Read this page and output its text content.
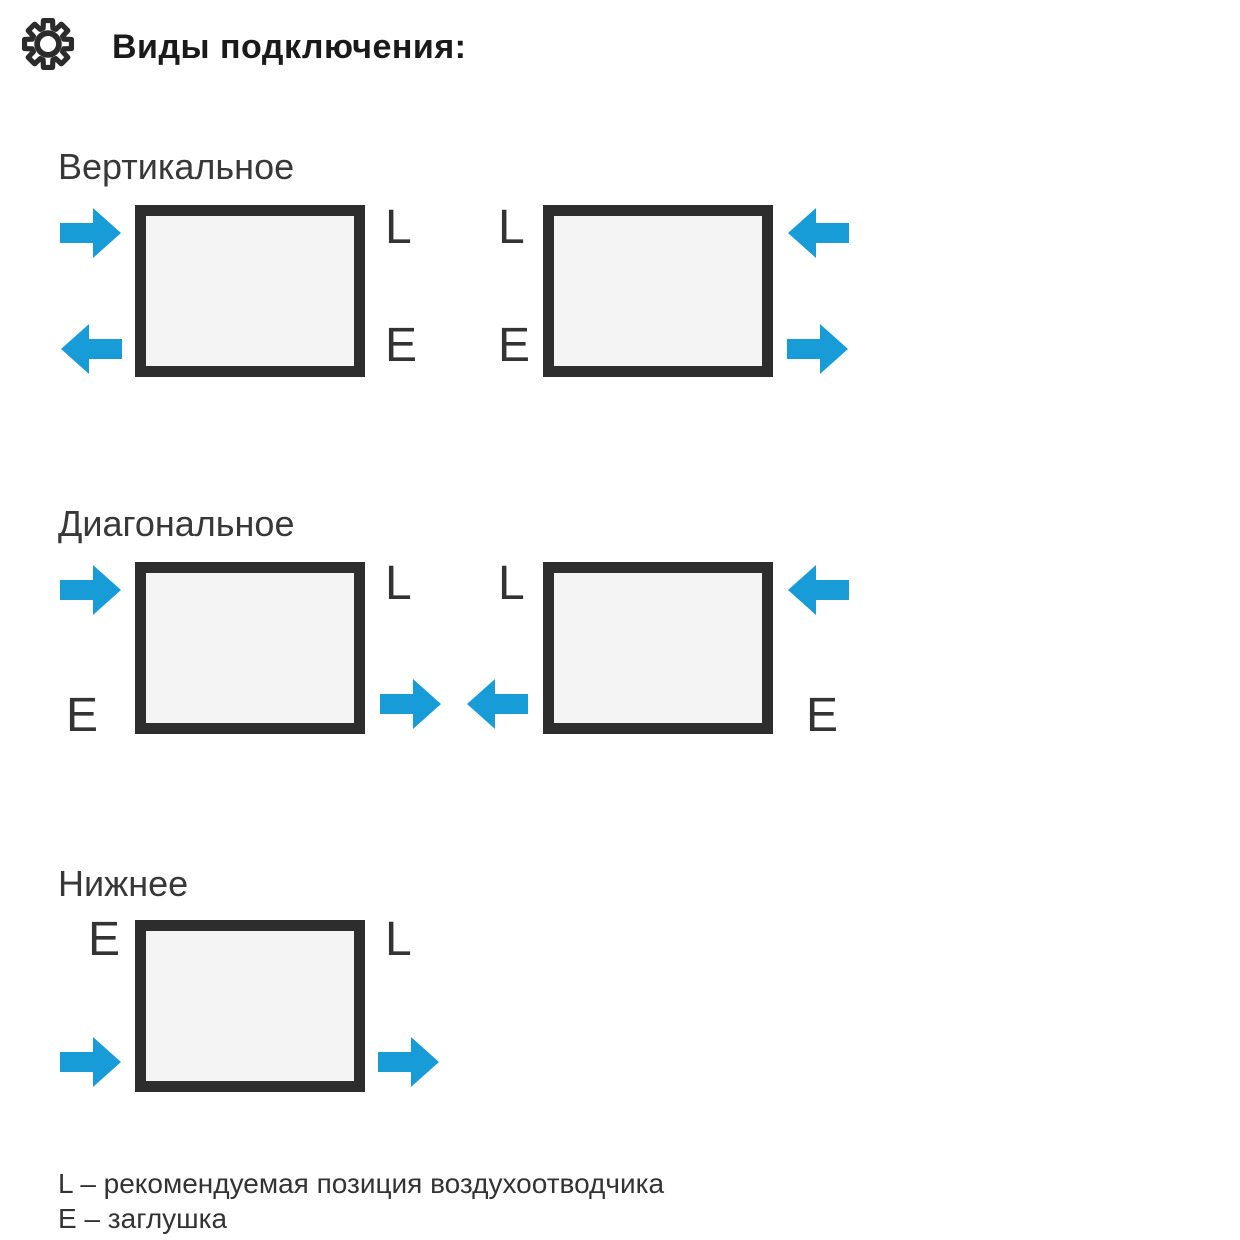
Виды подключения:
Вертикальное
L
E
L
E
Диагональное
E
L L
E
Нижнее
E	L
L – рекомендуемая позиция воздухоотводчика
E – заглушка
